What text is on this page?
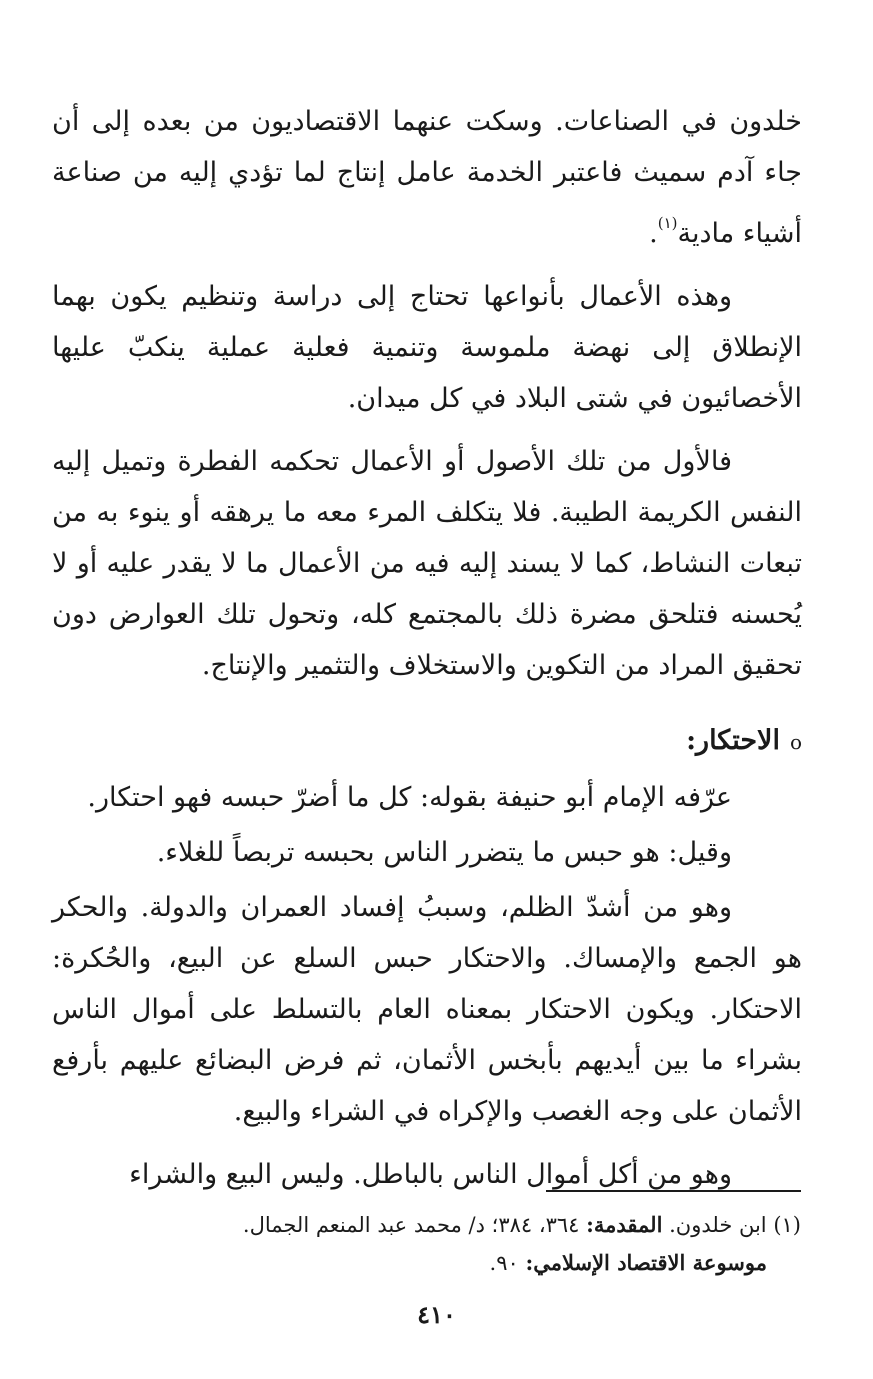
خلدون في الصناعات. وسكت عنهما الاقتصاديون من بعده إلى أن جاء آدم سميث فاعتبر الخدمة عامل إنتاج لما تؤدي إليه من صناعة أشياء مادية$^{(١)}$.

وهذه الأعمال بأنواعها تحتاج إلى دراسة وتنظيم يكون بهما الإنطلاق إلى نهضة ملموسة وتنمية فعلية عملية ينكبّ عليها الأخصائيون في شتى البلاد في كل ميدان.

فالأول من تلك الأصول أو الأعمال تحكمه الفطرة وتميل إليه النفس الكريمة الطيبة. فلا يتكلف المرء معه ما يرهقه أو ينوء به من تبعات النشاط، كما لا يسند إليه فيه من الأعمال ما لا يقدر عليه أو لا يُحسنه فتلحق مضرة ذلك بالمجتمع كله، وتحول تلك العوارض دون تحقيق المراد من التكوين والاستخلاف والتثمير والإنتاج.

oالاحتكار:
عرّفه الإمام أبو حنيفة بقوله: كل ما أضرّ حبسه فهو احتكار.
وقيل: هو حبس ما يتضرر الناس بحبسه تربصاً للغلاء.

وهو من أشدّ الظلم، وسببُ إفساد العمران والدولة. والحكر هو الجمع والإمساك. والاحتكار حبس السلع عن البيع، والحُكرة: الاحتكار. ويكون الاحتكار بمعناه العام بالتسلط على أموال الناس بشراء ما بين أيديهم بأبخس الأثمان، ثم فرض البضائع عليهم بأرفع الأثمان على وجه الغصب والإكراه في الشراء والبيع.

وهو من أكل أموال الناس بالباطل. وليس البيع والشراء

(١) ابن خلدون. المقدمة: ٣٦٤، ٣٨٤؛ د/ محمد عبد المنعم الجمال.
موسوعة الاقتصاد الإسلامي: ٩٠.
٤١٠
